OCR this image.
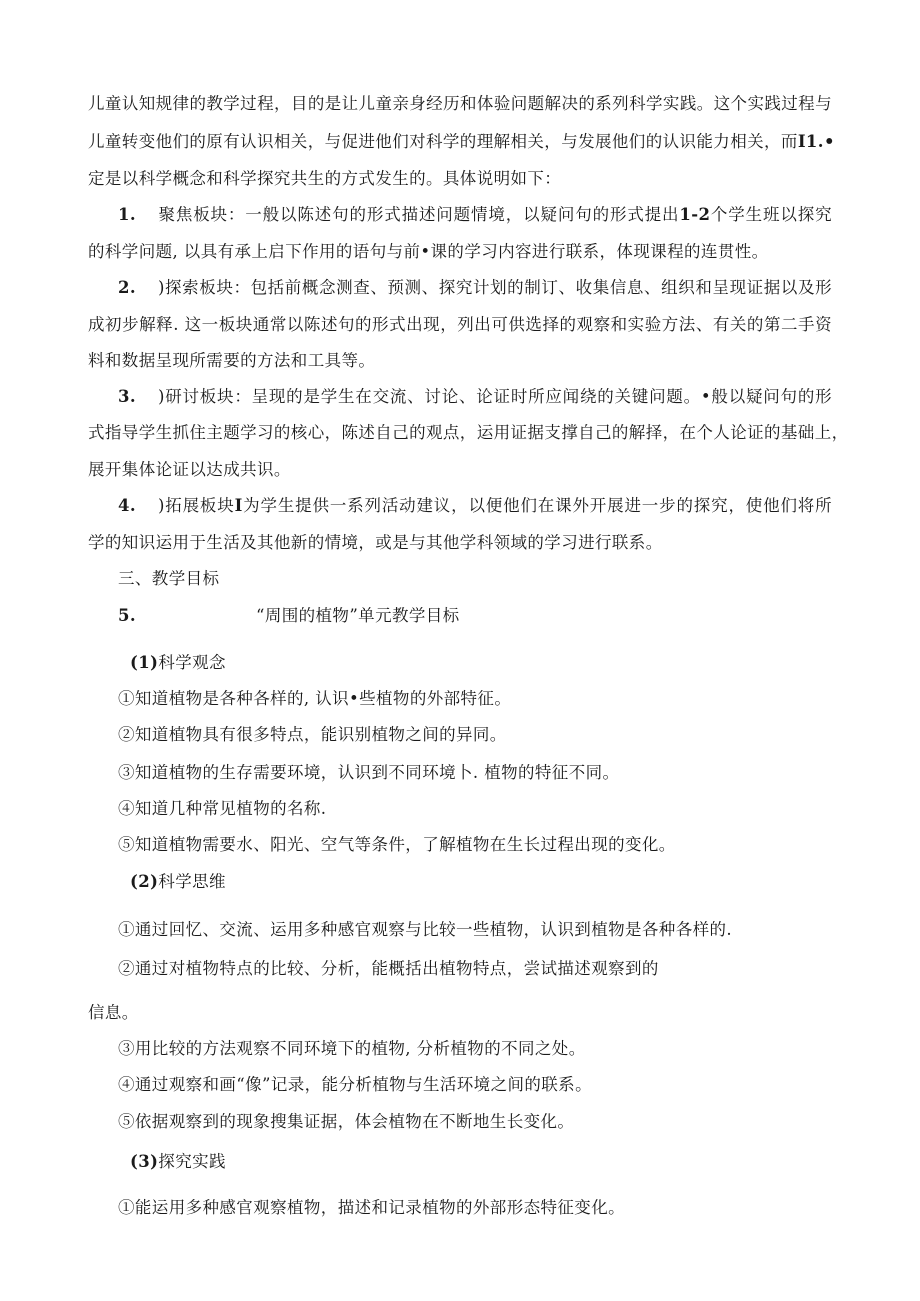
儿童认知规律的教学过程，目的是让儿童亲身经历和体验问题解决的系列科学实践。这个实践过程与
儿童转变他们的原有认识相关，与促进他们对科学的理解相关，与发展他们的认识能力相关，而I1.•
定是以科学概念和科学探究共生的方式发生的。具体说明如下：
1. 聚焦板块：一般以陈述句的形式描述问题情境，以疑问句的形式提出1-2个学生班以探究
的科学问题, 以具有承上启下作用的语句与前•课的学习内容进行联系，体现课程的连贯性。
2. )探索板块：包括前概念测查、预测、探究计划的制订、收集信息、组织和呈现证据以及形
成初步解释. 这一板块通常以陈述句的形式出现，列出可供选择的观察和实验方法、有关的第二手资
料和数据呈现所需要的方法和工具等。
3. )研讨板块：呈现的是学生在交流、讨论、论证时所应闻绕的关键问题。•般以疑问句的形
式指导学生抓住主题学习的核心，陈述自己的观点，运用证据支撑自己的解择，在个人论证的基础上，
展开集体论证以达成共识。
4. )拓展板块I为学生提供一系列活动建议，以便他们在课外开展进一步的探究，使他们将所
学的知识运用于生活及其他新的情境，或是与其他学科领域的学习进行联系。
三、教学目标
5.	“周围的植物”单元教学目标
(1)科学观念
①知道植物是各种各样的, 认识•些植物的外部特征。
②知道植物具有很多特点，能识别植物之间的异同。
③知道植物的生存需要环境，认识到不同环境卜. 植物的特征不同。
④知道几种常见植物的名称.
⑤知道植物需要水、阳光、空气等条件，了解植物在生长过程出现的变化。
(2)科学思维
①通过回忆、交流、运用多种感官观察与比较一些植物，认识到植物是各种各样的.
②通过对植物特点的比较、分析，能概括出植物特点，尝试描述观察到的
信息。
③用比较的方法观察不同环境下的植物, 分析植物的不同之处。
④通过观察和画“像”记录，能分析植物与生活环境之间的联系。
⑤依据观察到的现象搜集证据，体会植物在不断地生长变化。
(3)探究实践
①能运用多种感官观察植物，描述和记录植物的外部形态特征变化。
